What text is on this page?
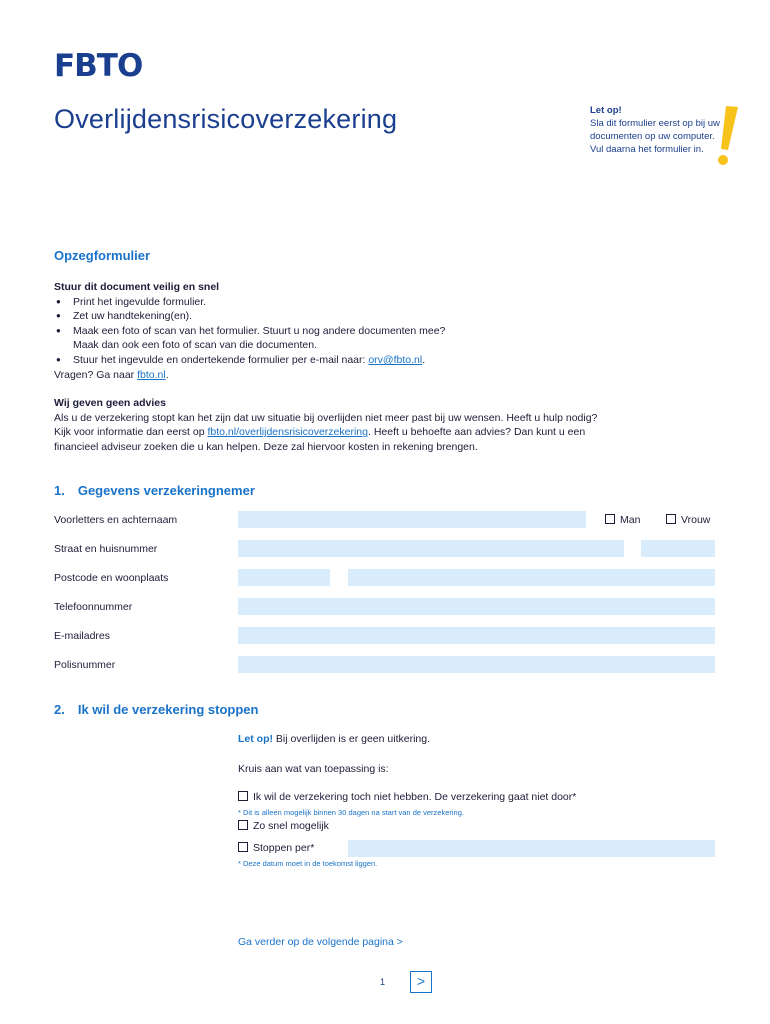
FBTO
Overlijdensrisicoverzekering	Let op!
Sla dit formulier eerst op bij uw documenten op uw computer. Vul daarna het formulier in.
Opzegformulier
Stuur dit document veilig en snel
● Print het ingevulde formulier.
● Zet uw handtekening(en).
● Maak een foto of scan van het formulier. Stuurt u nog andere documenten mee?
Maak dan ook een foto of scan van die documenten.
● Stuur het ingevulde en ondertekende formulier per e-mail naar: orv@fbto.nl.
Vragen? Ga naar fbto.nl.
Wij geven geen advies
Als u de verzekering stopt kan het zijn dat uw situatie bij overlijden niet meer past bij uw wensen. Heeft u hulp nodig?
Kijk voor informatie dan eerst op fbto.nl/overlijdensrisicoverzekering. Heeft u behoefte aan advies? Dan kunt u een
financieel adviseur zoeken die u kan helpen. Deze zal hiervoor kosten in rekening brengen.
1. Gegevens verzekeringnemer
Voorletters en achternaam	Man	Vrouw
Straat en huisnummer
Postcode en woonplaats
Telefoonnummer
E-mailadres
Polisnummer
2. Ik wil de verzekering stoppen
Let op! Bij overlijden is er geen uitkering.
Kruis aan wat van toepassing is:
Ik wil de verzekering toch niet hebben. De verzekering gaat niet door*
* Dit is alleen mogelijk binnen 30 dagen na start van de verzekering.
Zo snel mogelijk
Stoppen per*
* Deze datum moet in de toekomst liggen.
Ga verder op de volgende pagina >
1	>
